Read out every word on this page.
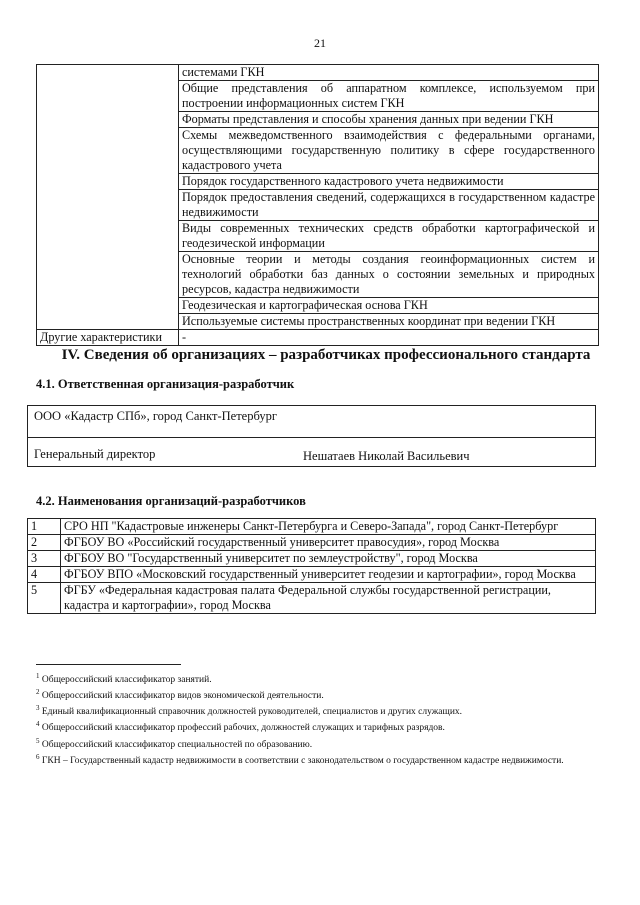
21
	системами ГКН
	Общие представления об аппаратном комплексе, используемом при построении информационных систем ГКН
	Форматы представления и способы хранения данных при ведении ГКН
	Схемы межведомственного взаимодействия с федеральными органами, осуществляющими государственную политику в сфере государственного кадастрового учета
	Порядок государственного кадастрового учета недвижимости
	Порядок предоставления сведений, содержащихся в государственном кадастре недвижимости
	Виды современных технических средств обработки картографической и геодезической информации
	Основные теории и методы создания геоинформационных систем и технологий обработки баз данных о состоянии земельных и природных ресурсов, кадастра недвижимости
	Геодезическая и картографическая основа ГКН
	Используемые системы пространственных координат при ведении ГКН
Другие характеристики	-
IV. Сведения об организациях – разработчиках профессионального стандарта
4.1. Ответственная организация-разработчик
ООО «Кадастр СПб», город Санкт-Петербург
Генеральный директор	Нешатаев Николай Васильевич
4.2. Наименования организаций-разработчиков
1	СРО НП "Кадастровые инженеры Санкт-Петербурга и Северо-Запада", город Санкт-Петербург
2	ФГБОУ ВО «Российский государственный университет правосудия», город Москва
3	ФГБОУ ВО "Государственный университет по землеустройству", город Москва
4	ФГБОУ ВПО «Московский государственный университет геодезии и картографии», город Москва
5	ФГБУ «Федеральная кадастровая палата Федеральной службы государственной регистрации, кадастра и картографии», город Москва

$^1$ Общероссийский классификатор занятий.

$^2$ Общероссийский классификатор видов экономической деятельности.

$^3$ Единый квалификационный справочник должностей руководителей, специалистов и других служащих.

$^4$ Общероссийский классификатор профессий рабочих, должностей служащих и тарифных разрядов.

$^5$ Общероссийский классификатор специальностей по образованию.

$^6$ ГКН – Государственный кадастр недвижимости в соответствии с законодательством о государственном кадастре недвижимости.
